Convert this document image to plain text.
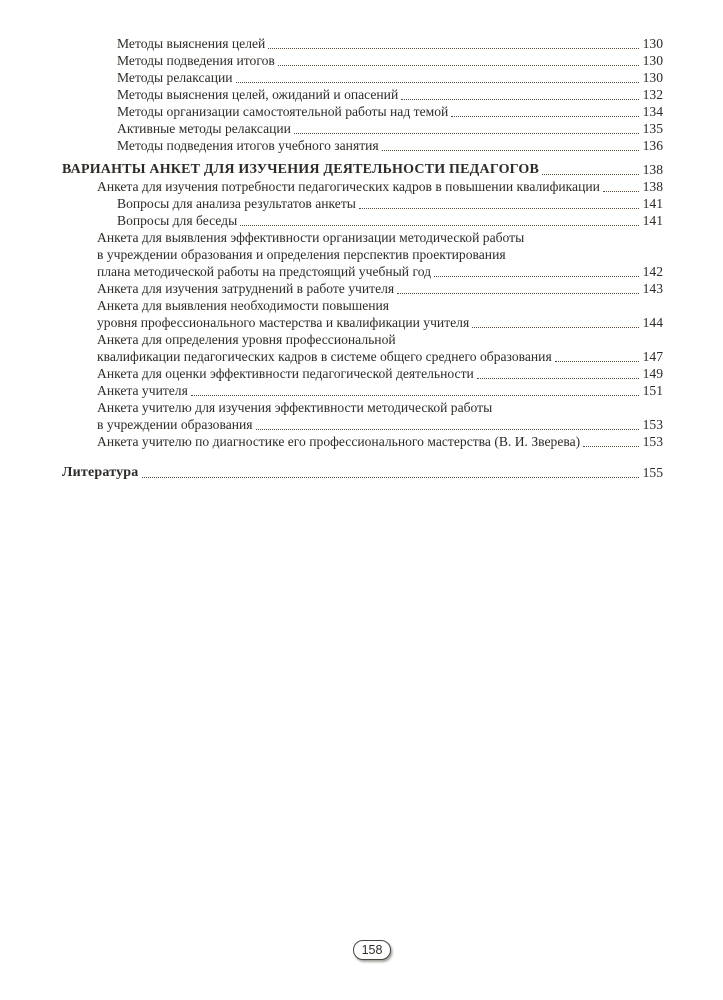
Методы выяснения целей	130
Методы подведения итогов	130
Методы релаксации	130
Методы выяснения целей, ожиданий и опасений	132
Методы организации самостоятельной работы над темой	134
Активные методы релаксации	135
Методы подведения итогов учебного занятия	136
ВАРИАНТЫ АНКЕТ ДЛЯ ИЗУЧЕНИЯ ДЕЯТЕЛЬНОСТИ ПЕДАГОГОВ	138
Анкета для изучения потребности педагогических кадров в повышении квалификации	138
Вопросы для анализа результатов анкеты	141
Вопросы для беседы	141
Анкета для выявления эффективности организации методической работы
в учреждении образования и определения перспектив проектирования
плана методической работы на предстоящий учебный год	142
Анкета для изучения затруднений в работе учителя	143
Анкета для выявления необходимости повышения
уровня профессионального мастерства и квалификации учителя	144
Анкета для определения уровня профессиональной
квалификации педагогических кадров в системе общего среднего образования	147
Анкета для оценки эффективности педагогической деятельности	149
Анкета учителя	151
Анкета учителю для изучения эффективности методической работы
в учреждении образования	153
Анкета учителю по диагностике его профессионального мастерства (В. И. Зверева)	153
Литература	155
158
